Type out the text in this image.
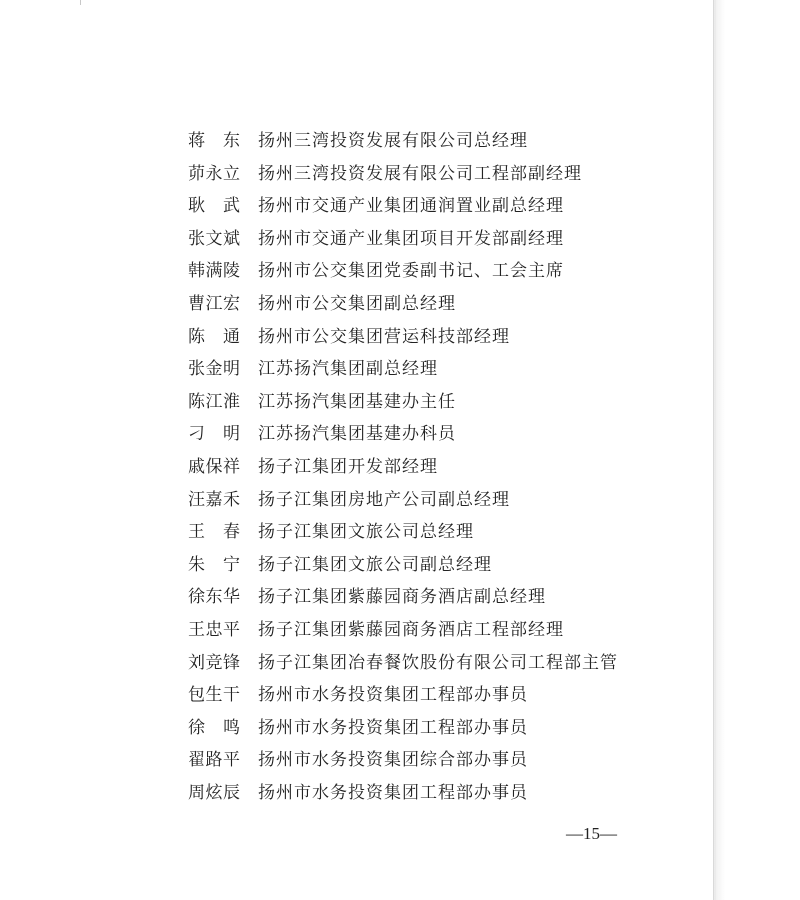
蒋　东	扬州三湾投资发展有限公司总经理
茆永立	扬州三湾投资发展有限公司工程部副经理
耿　武	扬州市交通产业集团通润置业副总经理
张文斌	扬州市交通产业集团项目开发部副经理
韩满陵	扬州市公交集团党委副书记、工会主席
曹江宏	扬州市公交集团副总经理
陈　通	扬州市公交集团营运科技部经理
张金明	江苏扬汽集团副总经理
陈江淮	江苏扬汽集团基建办主任
刁　明	江苏扬汽集团基建办科员
戚保祥	扬子江集团开发部经理
汪嘉禾	扬子江集团房地产公司副总经理
王　春	扬子江集团文旅公司总经理
朱　宁	扬子江集团文旅公司副总经理
徐东华	扬子江集团紫藤园商务酒店副总经理
王忠平	扬子江集团紫藤园商务酒店工程部经理
刘竞锋	扬子江集团冶春餐饮股份有限公司工程部主管
包生干	扬州市水务投资集团工程部办事员
徐　鸣	扬州市水务投资集团工程部办事员
翟路平	扬州市水务投资集团综合部办事员
周炫辰	扬州市水务投资集团工程部办事员
—15—
